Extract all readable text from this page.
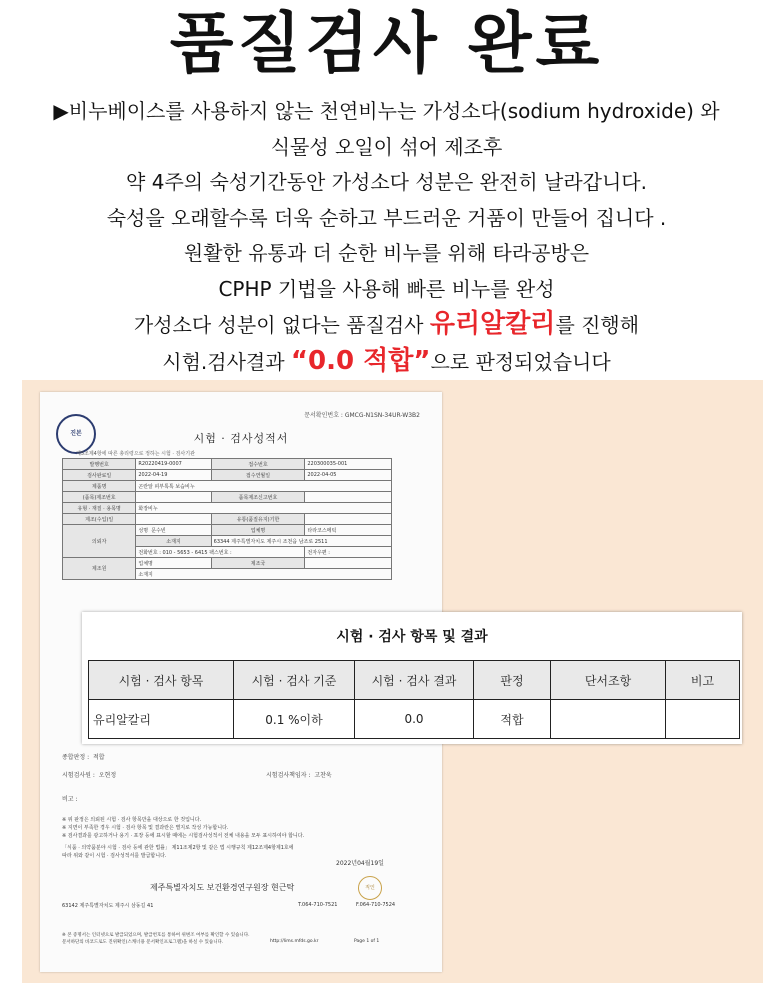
품질검사 완료
▶비누베이스를 사용하지 않는 천연비누는 가성소다(sodium hydroxide) 와
식물성 오일이 섞어 제조후
약 4주의 숙성기간동안 가성소다 성분은 완전히 날라갑니다.
숙성을 오래할수록 더욱 순하고 부드러운 거품이 만들어 집니다 .
원활한 유통과 더 순한 비누를 위해 타라공방은
CPHP 기법을 사용해 빠른 비누를 완성
가성소다 성분이 없다는 품질검사 유리알칼리를 진행해
시험.검사결과 “0.0 적합”으로 판정되었습니다
문서확인번호 : GMCG-N1SN-34UR-W3B2
진본	시험 · 검사성적서
제5조제4항에 따른 총리령으로 정하는 시험 · 검사기관
발행번호	R20220419-0007	접수번호	220300035-001
검사완료일	2022-04-19	접수연월일	2022-04-05
제품명	곤란알 피부톡톡 보습비누		
(품목)제조번호		품목제조신고번호	
유형 · 재질 · 용목명	화장비누		
제조(수입)일		유통(품질유지)기한	
의뢰자	성명 문수빈	업체명	타라코스메틱
	소재지	63344 제주특별자치도 제주시 조천읍 남조로 2511	
	전화번호 : 010 - 5653 - 6415 팩스번호 :		전자우편 :
제조원	업체명	제조국	
	소재지		
종합판정 : 적합
시험검사원 : 오현정	시험검사책임자 : 고찬욱
비고 :
※ 위 판정은 의뢰된 시험 · 검사 항목만을 대상으로 한 것입니다.
※ 지면이 부족한 경우 시험 · 검사 항목 및 결과란은 별지로 작성 가능합니다.
※ 검사결과를 광고하거나 용기 · 포장 등에 표시할 때에는 시험검사성적서 전체 내용을 모두 표시하여야 합니다.
「식품 · 의약품분야 시험 · 검사 등에 관한 법률」 제11조제2항 및 같은 법 시행규칙 제12조제4항제1호에
따라 위와 같이 시험 · 검사성적서를 발급합니다.
2022년04월19일
제주특별자치도 보건환경연구원장 현근탁	직인
63142 제주특별자치도 제주시 삼동길 41	T.064-710-7521	F.064-710-7524
※ 본 증명서는 인터넷으로 발급되었으며, 발급번호를 통하여 위변조 여부를 확인할 수 있습니다.
문서하단의 바코드로도 진위확인(스캐너용 문서확인프로그램)을 하실 수 있습니다.	http://lims.mfds.go.kr	Page 1 of 1
시험 · 검사 항목 및 결과
시험 · 검사 항목	시험 · 검사 기준	시험 · 검사 결과	판정	단서조항	비고
유리알칼리	0.1 %이하	0.0	적합		
